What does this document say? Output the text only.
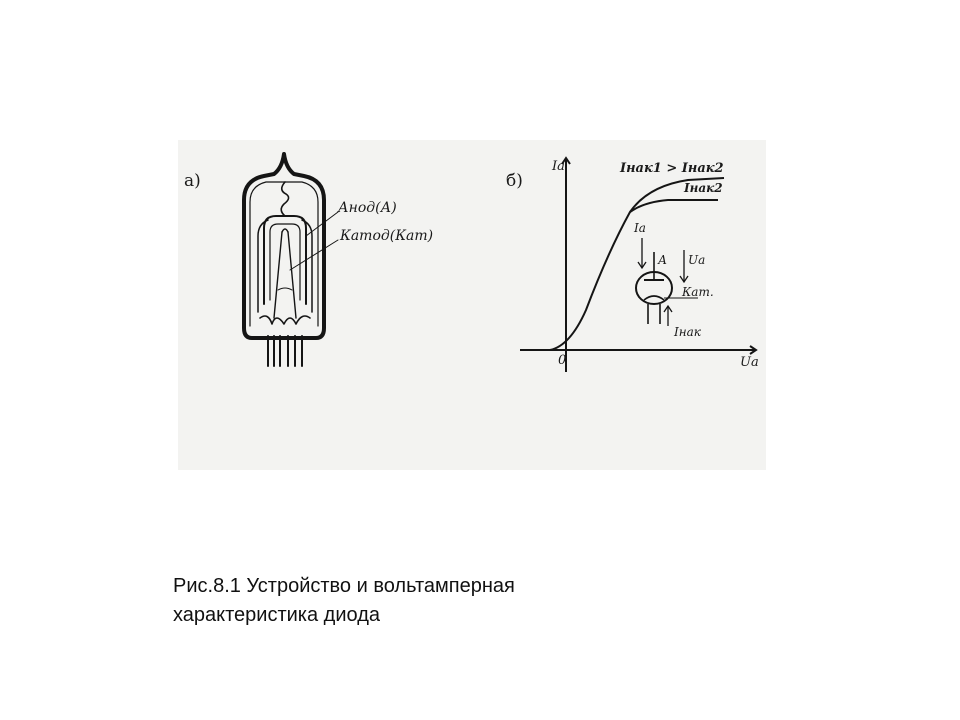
а)
Анод(А)
Катод(Кат)
б)
Iа
Uа
0
Iнак1 > Iнак2
Iнак2
Iа
А Uа
Кат.
Iнак
Рис.8.1 Устройство и вольтамперная
характеристика диода
